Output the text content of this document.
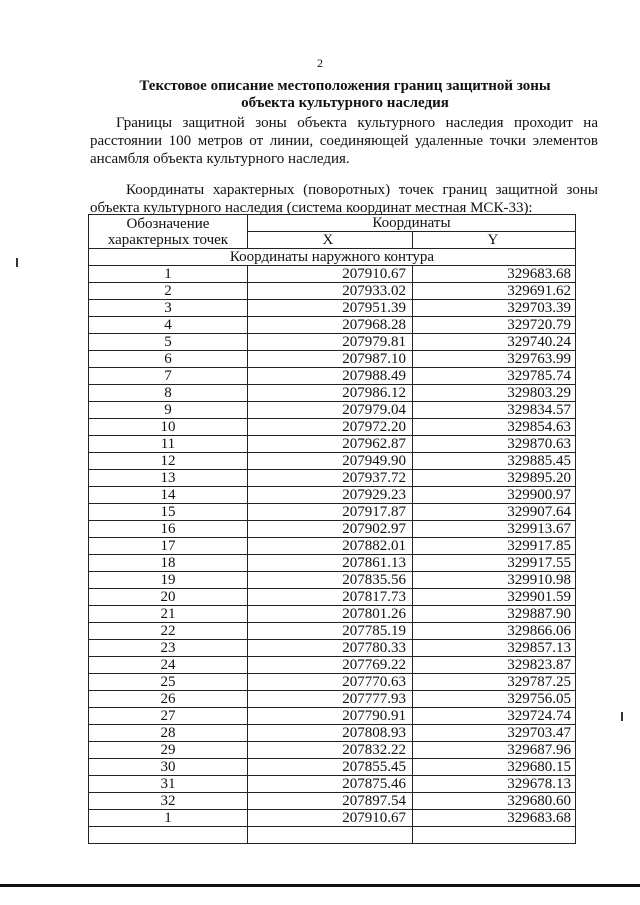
2
Текстовое описание местоположения границ защитной зоны
объекта культурного наследия
Границы защитной зоны объекта культурного наследия проходит на расстоянии 100 метров от линии, соединяющей удаленные точки элементов ансамбля объекта культурного наследия.
Координаты характерных (поворотных) точек границ защитной зоны объекта культурного наследия (система координат местная МСК-33):
Обозначение характерных точек	Координаты	
	X	Y
Координаты наружного контура		
1	207910.67	329683.68
2	207933.02	329691.62
3	207951.39	329703.39
4	207968.28	329720.79
5	207979.81	329740.24
6	207987.10	329763.99
7	207988.49	329785.74
8	207986.12	329803.29
9	207979.04	329834.57
10	207972.20	329854.63
11	207962.87	329870.63
12	207949.90	329885.45
13	207937.72	329895.20
14	207929.23	329900.97
15	207917.87	329907.64
16	207902.97	329913.67
17	207882.01	329917.85
18	207861.13	329917.55
19	207835.56	329910.98
20	207817.73	329901.59
21	207801.26	329887.90
22	207785.19	329866.06
23	207780.33	329857.13
24	207769.22	329823.87
25	207770.63	329787.25
26	207777.93	329756.05
27	207790.91	329724.74
28	207808.93	329703.47
29	207832.22	329687.96
30	207855.45	329680.15
31	207875.46	329678.13
32	207897.54	329680.60
1	207910.67	329683.68
